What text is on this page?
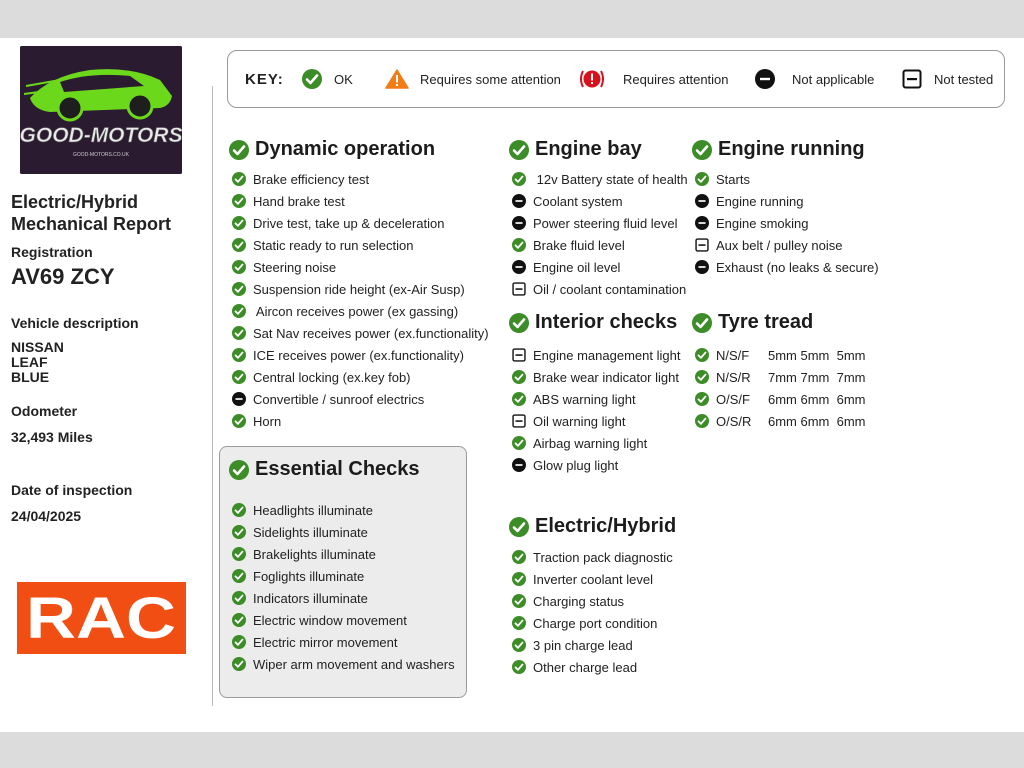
GOOD-MOTORS
GOOD-MOTORS.CO.UK
Electric/Hybrid
Mechanical Report
Registration
AV69 ZCY
Vehicle description
NISSAN
LEAF
BLUE
Odometer
32,493 Miles
Date of inspection
24/04/2025
RAC
KEY:	OK	Requires some attention	Requires attention	Not applicable	Not tested
Dynamic operation
Brake efficiency test
Hand brake test
Drive test, take up & deceleration
Static ready to run selection
Steering noise
Suspension ride height (ex-Air Susp)
Aircon receives power (ex gassing)
Sat Nav receives power (ex.functionality)
ICE receives power (ex.functionality)
Central locking (ex.key fob)
Convertible / sunroof electrics
Horn
Essential Checks
Headlights illuminate
Sidelights illuminate
Brakelights illuminate
Foglights illuminate
Indicators illuminate
Electric window movement
Electric mirror movement
Wiper arm movement and washers
Engine bay
12v Battery state of health
Coolant system
Power steering fluid level
Brake fluid level
Engine oil level
Oil / coolant contamination
Interior checks
Engine management light
Brake wear indicator light
ABS warning light
Oil warning light
Airbag warning light
Glow plug light
Electric/Hybrid
Traction pack diagnostic
Inverter coolant level
Charging status
Charge port condition
3 pin charge lead
Other charge lead
Engine running
Starts
Engine running
Engine smoking
Aux belt / pulley noise
Exhaust (no leaks & secure)
Tyre tread
N/S/F	5mm 5mm  5mm
N/S/R 7mm 7mm  7mm
O/S/F	6mm 6mm  6mm
O/S/R 6mm 6mm  6mm
